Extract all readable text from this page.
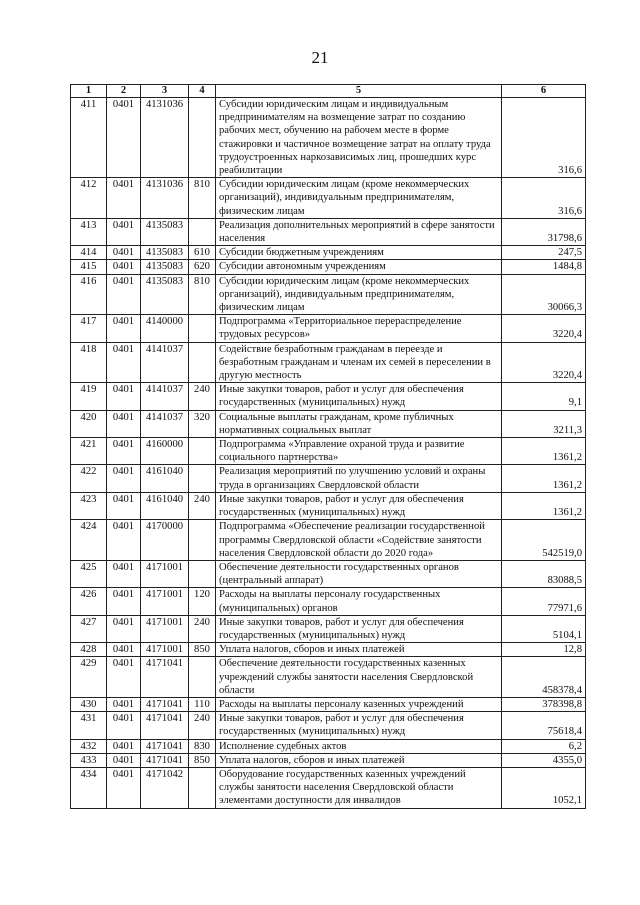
21
1	2	3	4	5	6
411	0401	4131036		Субсидии юридическим лицам и индивидуальным предпринимателям на возмещение затрат по созданию рабочих мест, обучению на рабочем месте в форме стажировки и частичное возмещение затрат на оплату труда трудоустроенных наркозависимых лиц, прошедших курс реабилитации	316,6
412	0401	4131036	810	Субсидии юридическим лицам (кроме некоммерческих организаций), индивидуальным предпринимателям, физическим лицам	316,6
413	0401	4135083		Реализация дополнительных мероприятий в сфере занятости населения	31798,6
414	0401	4135083	610	Субсидии бюджетным учреждениям	247,5
415	0401	4135083	620	Субсидии автономным учреждениям	1484,8
416	0401	4135083	810	Субсидии юридическим лицам (кроме некоммерческих организаций), индивидуальным предпринимателям, физическим лицам	30066,3
417	0401	4140000		Подпрограмма «Территориальное перераспределение трудовых ресурсов»	3220,4
418	0401	4141037		Содействие безработным гражданам в переезде и безработным гражданам и членам их семей в переселении в другую местность	3220,4
419	0401	4141037	240	Иные закупки товаров, работ и услуг для обеспечения государственных (муниципальных) нужд	9,1
420	0401	4141037	320	Социальные выплаты гражданам, кроме публичных нормативных социальных выплат	3211,3
421	0401	4160000		Подпрограмма «Управление охраной труда и развитие социального партнерства»	1361,2
422	0401	4161040		Реализация мероприятий по улучшению условий и охраны труда в организациях Свердловской области	1361,2
423	0401	4161040	240	Иные закупки товаров, работ и услуг для обеспечения государственных (муниципальных) нужд	1361,2
424	0401	4170000		Подпрограмма «Обеспечение реализации государственной программы Свердловской области «Содействие занятости населения Свердловской области до 2020 года»	542519,0
425	0401	4171001		Обеспечение деятельности государственных органов (центральный аппарат)	83088,5
426	0401	4171001	120	Расходы на выплаты персоналу государственных (муниципальных) органов	77971,6
427	0401	4171001	240	Иные закупки товаров, работ и услуг для обеспечения государственных (муниципальных) нужд	5104,1
428	0401	4171001	850	Уплата налогов, сборов и иных платежей	12,8
429	0401	4171041		Обеспечение деятельности государственных казенных учреждений службы занятости населения Свердловской области	458378,4
430	0401	4171041	110	Расходы на выплаты персоналу казенных учреждений	378398,8
431	0401	4171041	240	Иные закупки товаров, работ и услуг для обеспечения государственных (муниципальных) нужд	75618,4
432	0401	4171041	830	Исполнение судебных актов	6,2
433	0401	4171041	850	Уплата налогов, сборов и иных платежей	4355,0
434	0401	4171042		Оборудование государственных казенных учреждений службы занятости населения Свердловской области элементами доступности для инвалидов	1052,1
